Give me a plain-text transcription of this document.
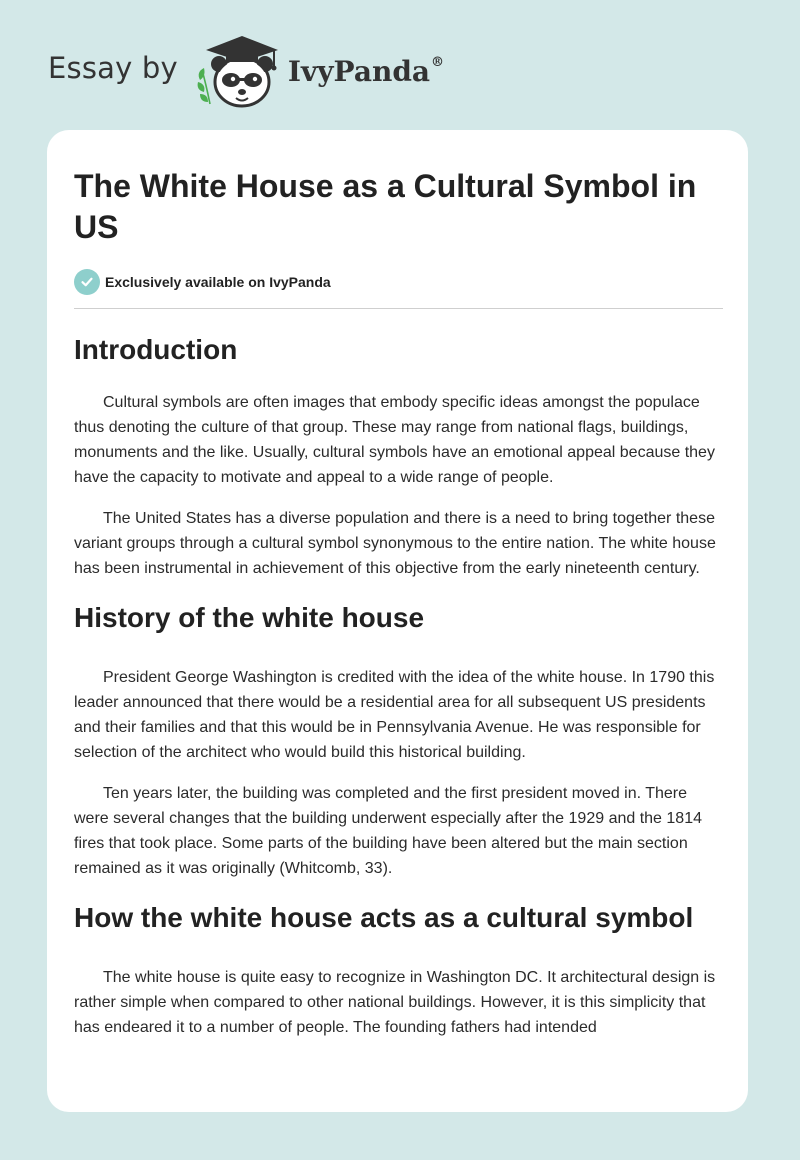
Essay by	IvyPanda®
The White House as a Cultural Symbol in US
Exclusively available on IvyPanda
Introduction

Cultural symbols are often images that embody specific ideas amongst the populace thus denoting the culture of that group. These may range from national flags, buildings, monuments and the like. Usually, cultural symbols have an emotional appeal because they have the capacity to motivate and appeal to a wide range of people.

The United States has a diverse population and there is a need to bring together these variant groups through a cultural symbol synonymous to the entire nation. The white house has been instrumental in achievement of this objective from the early nineteenth century.

History of the white house

President George Washington is credited with the idea of the white house. In 1790 this leader announced that there would be a residential area for all subsequent US presidents and their families and that this would be in Pennsylvania Avenue. He was responsible for selection of the architect who would build this historical building.

Ten years later, the building was completed and the first president moved in. There were several changes that the building underwent especially after the 1929 and the 1814 fires that took place. Some parts of the building have been altered but the main section remained as it was originally (Whitcomb, 33).

How the white house acts as a cultural symbol

The white house is quite easy to recognize in Washington DC. It architectural design is rather simple when compared to other national buildings. However, it is this simplicity that has endeared it to a number of people. The founding fathers had intended
